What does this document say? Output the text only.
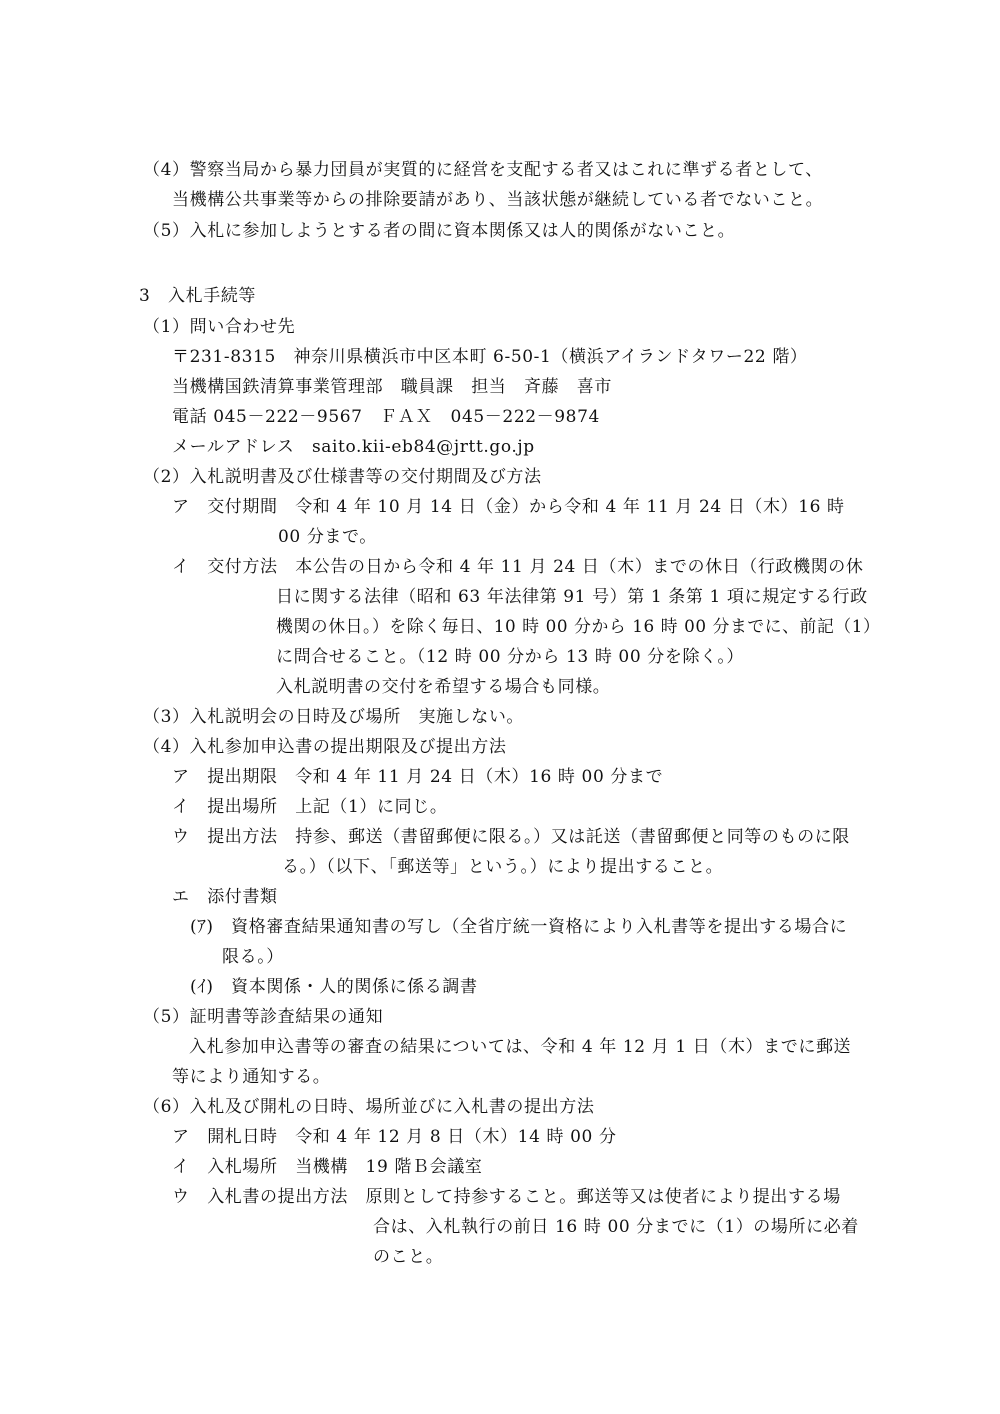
（4）警察当局から暴力団員が実質的に経営を支配する者又はこれに準ずる者として、
当機構公共事業等からの排除要請があり、当該状態が継続している者でないこと。
（5）入札に参加しようとする者の間に資本関係又は人的関係がないこと。
3　入札手続等
（1）問い合わせ先
〒231-8315　神奈川県横浜市中区本町 6-50-1（横浜アイランドタワー22 階）
当機構国鉄清算事業管理部　職員課　担当　斉藤　喜市
電話 045－222－9567　ＦＡＸ　045－222－9874
メールアドレス　saito.kii-eb84@jrtt.go.jp
（2）入札説明書及び仕様書等の交付期間及び方法
ア　交付期間　令和 4 年 10 月 14 日（金）から令和 4 年 11 月 24 日（木）16 時
00 分まで。
イ　交付方法　本公告の日から令和 4 年 11 月 24 日（木）までの休日（行政機関の休
日に関する法律（昭和 63 年法律第 91 号）第 1 条第 1 項に規定する行政
機関の休日。）を除く毎日、10 時 00 分から 16 時 00 分までに、前記（1）
に問合せること。（12 時 00 分から 13 時 00 分を除く。）
入札説明書の交付を希望する場合も同様。
（3）入札説明会の日時及び場所　実施しない。
（4）入札参加申込書の提出期限及び提出方法
ア　提出期限　令和 4 年 11 月 24 日（木）16 時 00 分まで
イ　提出場所　上記（1）に同じ。
ウ　提出方法　持参、郵送（書留郵便に限る。）又は託送（書留郵便と同等のものに限
る。）（以下、「郵送等」という。）により提出すること。
エ　添付書類
(ｱ)　資格審査結果通知書の写し（全省庁統一資格により入札書等を提出する場合に
限る。）
(ｲ)　資本関係・人的関係に係る調書
（5）証明書等診査結果の通知
入札参加申込書等の審査の結果については、令和 4 年 12 月 1 日（木）までに郵送
等により通知する。
（6）入札及び開札の日時、場所並びに入札書の提出方法
ア　開札日時　令和 4 年 12 月 8 日（木）14 時 00 分
イ　入札場所　当機構　19 階Ｂ会議室
ウ　入札書の提出方法　原則として持参すること。郵送等又は使者により提出する場
合は、入札執行の前日 16 時 00 分までに（1）の場所に必着
のこと。
